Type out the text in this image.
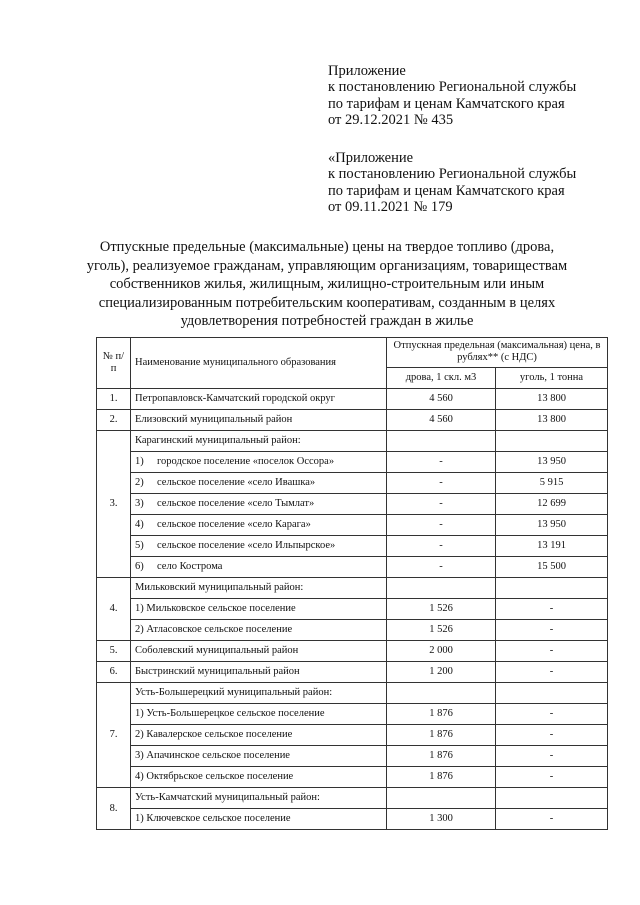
Приложение
к постановлению Региональной службы
по тарифам и ценам Камчатского края
от 29.12.2021 № 435
«Приложение
к постановлению Региональной службы
по тарифам и ценам Камчатского края
от 09.11.2021 № 179
Отпускные предельные (максимальные) цены на твердое топливо (дрова, уголь), реализуемое гражданам, управляющим организациям, товариществам собственников жилья, жилищным, жилищно-строительным или иным специализированным потребительским кооперативам, созданным в целях удовлетворения потребностей граждан в жилье
№ п/п	Наименование муниципального образования	Отпускная предельная (максимальная) цена, в рублях** (с НДС)	
		дрова, 1 скл. м3	уголь, 1 тонна
1.	Петропавловск-Камчатский городской округ	4 560	13 800
2.	Елизовский муниципальный район	4 560	13 800
3.	Карагинский муниципальный район:		

	1) городское поселение «поселок Оссора»	-	13 950

	2) сельское поселение «село Ивашка»	-	5 915

	3) сельское поселение «село Тымлат»	-	12 699

	4) сельское поселение «село Карага»	-	13 950

	5) сельское поселение «село Ильпырское»	-	13 191

	6) село Кострома	-	15 500
4.	Мильковский муниципальный район:		
	1) Мильковское сельское поселение	1 526	-
	2) Атласовское сельское поселение	1 526	-
5.	Соболевский муниципальный район	2 000	-
6.	Быстринский муниципальный район	1 200	-
7.	Усть-Большерецкий муниципальный район:		
	1) Усть-Большерецкое сельское поселение	1 876	-
	2) Кавалерское сельское поселение	1 876	-
	3) Апачинское сельское поселение	1 876	-
	4) Октябрьское сельское поселение	1 876	-
8.	Усть-Камчатский муниципальный район:		
	1) Ключевское сельское поселение	1 300	-
